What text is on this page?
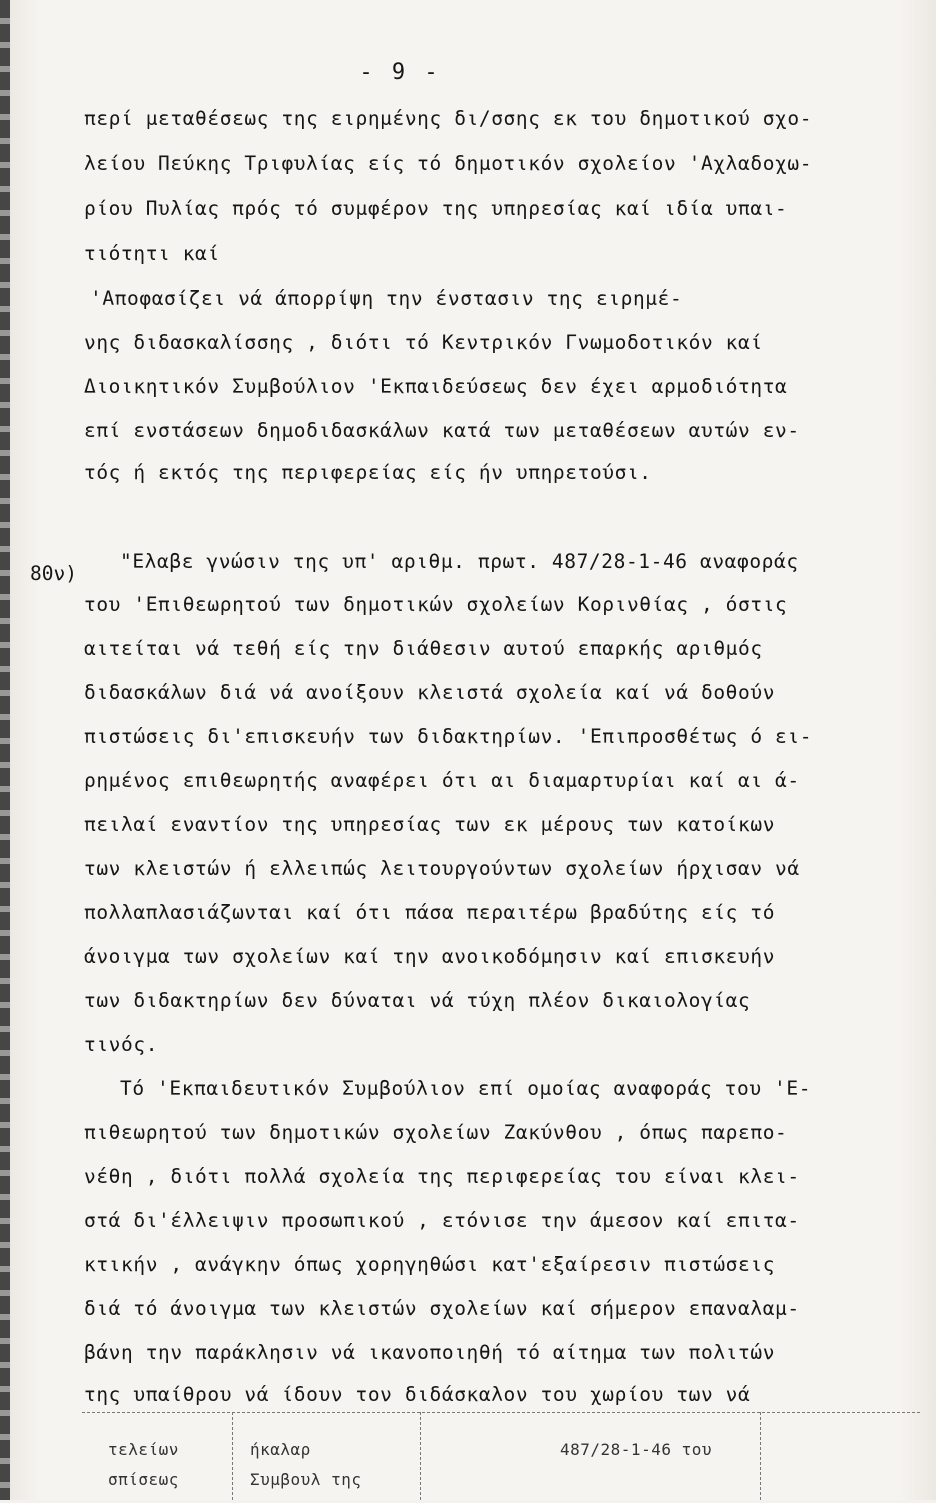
- 9 -
περί μεταθέσεως της ειρημένης δι/σσης εκ του δημοτικού σχο-
λείου Πεύκης Τριφυλίας είς τό δημοτικόν σχολείον 'Αχλαδοχω-
ρίου Πυλίας πρός τό συμφέρον της υπηρεσίας καί ιδία υπαι-
τιότητι καί
'Αποφασίζει νά άπορρίψη την ένστασιν της ειρημέ-
νης διδασκαλίσσης , διότι τό Κεντρικόν Γνωμοδοτικόν καί
Διοικητικόν Συμβούλιον 'Εκπαιδεύσεως δεν έχει αρμοδιότητα
επί ενστάσεων δημοδιδασκάλων κατά των μεταθέσεων αυτών εν-
τός ή εκτός της περιφερείας είς ήν υπηρετούσι.
80ν)
"Ελαβε γνώσιν της υπ' αριθμ. πρωτ. 487/28-1-46 αναφοράς
του 'Επιθεωρητού των δημοτικών σχολείων Κορινθίας , όστις
αιτείται νά τεθή είς την διάθεσιν αυτού επαρκής αριθμός
διδασκάλων διά νά ανοίξουν κλειστά σχολεία καί νά δοθούν
πιστώσεις δι'επισκευήν των διδακτηρίων. 'Επιπροσθέτως ό ει-
ρημένος επιθεωρητής αναφέρει ότι αι διαμαρτυρίαι καί αι ά-
πειλαί εναντίον της υπηρεσίας των εκ μέρους των κατοίκων
των κλειστών ή ελλειπώς λειτουργούντων σχολείων ήρχισαν νά
πολλαπλασιάζωνται καί ότι πάσα περαιτέρω βραδύτης είς τό
άνοιγμα των σχολείων καί την ανοικοδόμησιν καί επισκευήν
των διδακτηρίων δεν δύναται νά τύχη πλέον δικαιολογίας
τινός.
Τό 'Εκπαιδευτικόν Συμβούλιον επί ομοίας αναφοράς του 'Ε-
πιθεωρητού των δημοτικών σχολείων Ζακύνθου , όπως παρεπο-
νέθη , διότι πολλά σχολεία της περιφερείας του είναι κλει-
στά δι'έλλειψιν προσωπικού , ετόνισε την άμεσον καί επιτα-
κτικήν , ανάγκην όπως χορηγηθώσι κατ'εξαίρεσιν πιστώσεις
διά τό άνοιγμα των κλειστών σχολείων καί σήμερον επαναλαμ-
βάνη την παράκλησιν νά ικανοποιηθή τό αίτημα των πολιτών
της υπαίθρου νά ίδουν τον διδάσκαλον του χωρίου των νά
τελείων
σπίσεως
ήκαλαρ
Συμβουλ της
487/28-1-46 του
